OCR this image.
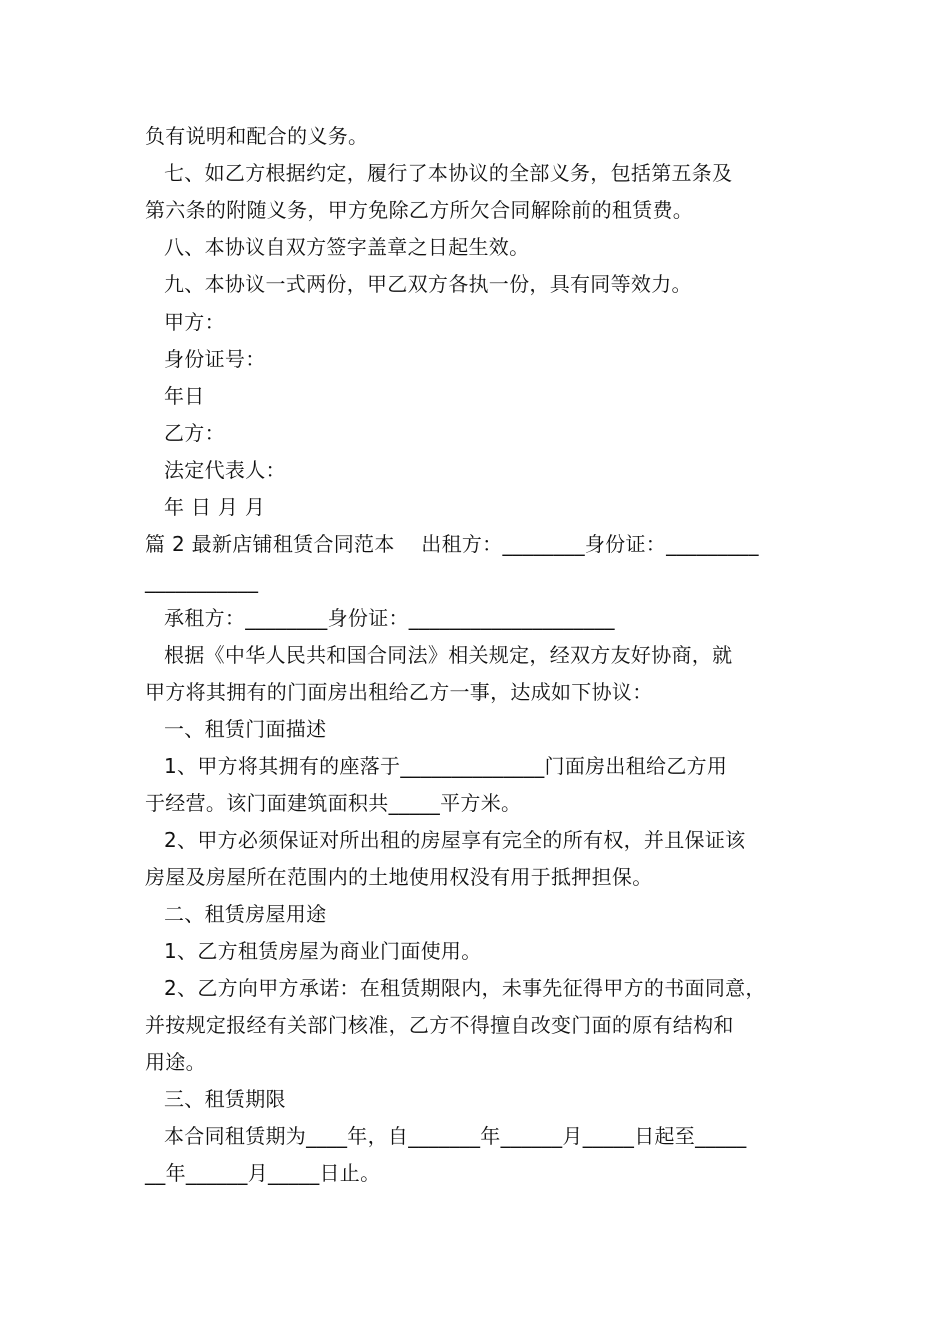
负有说明和配合的义务。
七、如乙方根据约定，履行了本协议的全部义务，包括第五条及
第六条的附随义务，甲方免除乙方所欠合同解除前的租赁费。
八、本协议自双方签字盖章之日起生效。
九、本协议一式两份，甲乙双方各执一份，具有同等效力。
甲方：
身份证号：
年日
乙方：
法定代表人：
年 日 月 月
篇 2 最新店铺租赁合同范本    出租方：________身份证：_________
___________
承租方：________身份证：____________________
根据《中华人民共和国合同法》相关规定，经双方友好协商，就
甲方将其拥有的门面房出租给乙方一事，达成如下协议：
一、租赁门面描述
1、甲方将其拥有的座落于______________门面房出租给乙方用
于经营。该门面建筑面积共_____平方米。
2、甲方必须保证对所出租的房屋享有完全的所有权，并且保证该
房屋及房屋所在范围内的土地使用权没有用于抵押担保。
二、租赁房屋用途
1、乙方租赁房屋为商业门面使用。
2、乙方向甲方承诺：在租赁期限内，未事先征得甲方的书面同意，
并按规定报经有关部门核准，乙方不得擅自改变门面的原有结构和
用途。
三、租赁期限
本合同租赁期为____年，自_______年______月_____日起至_____
__年______月_____日止。
